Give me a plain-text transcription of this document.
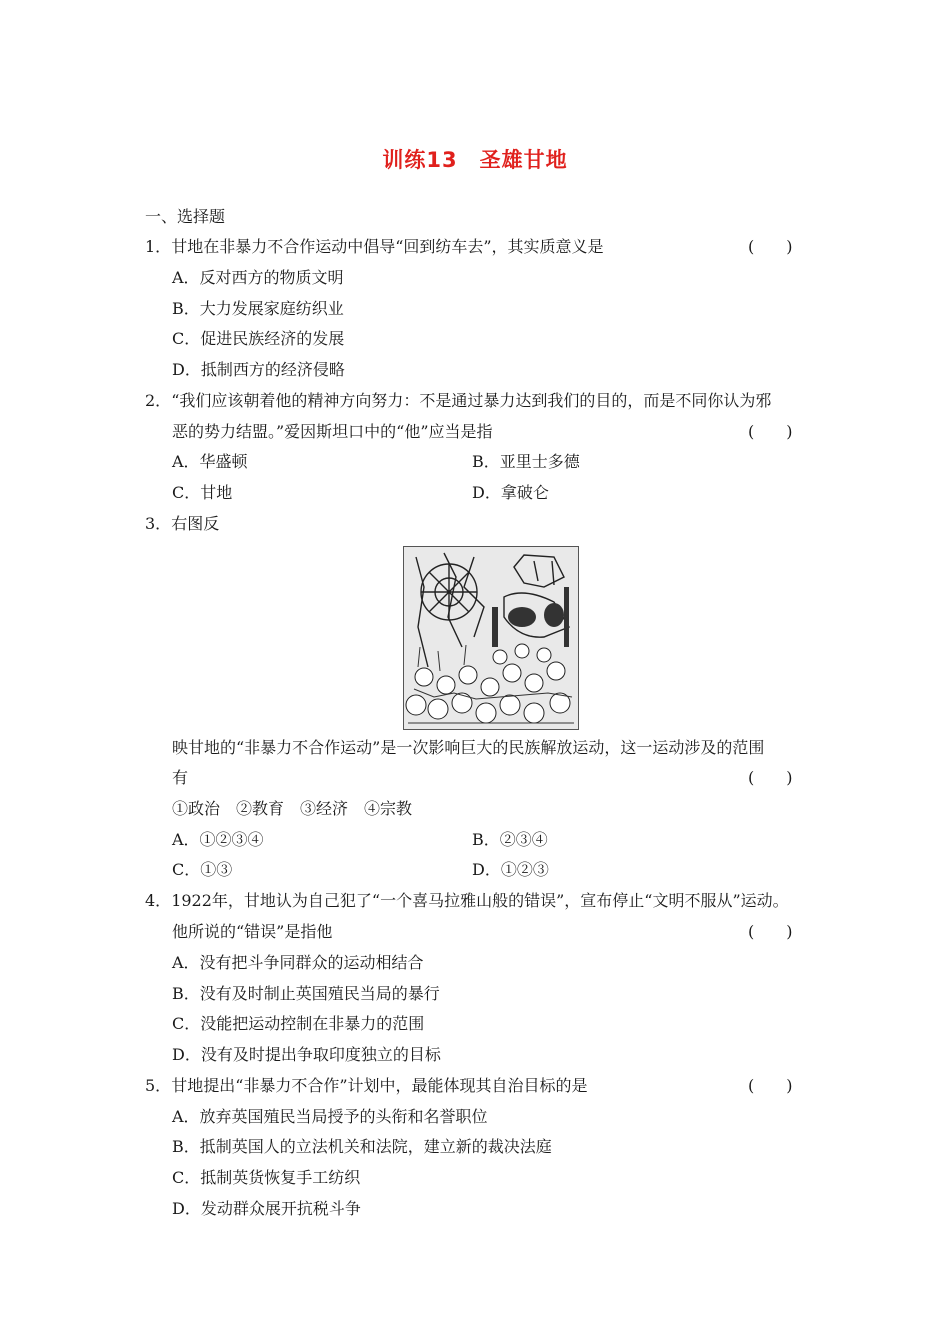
训练13 圣雄甘地
一、选择题
1．甘地在非暴力不合作运动中倡导“回到纺车去”，其实质意义是	(　　)
A．反对西方的物质文明
B．大力发展家庭纺织业
C．促进民族经济的发展
D．抵制西方的经济侵略
2．“我们应该朝着他的精神方向努力：不是通过暴力达到我们的目的，而是不同你认为邪
恶的势力结盟。”爱因斯坦口中的“他”应当是指	(　　)
A．华盛顿	B．亚里士多德
C．甘地	D．拿破仑
3．右图反
映甘地的“非暴力不合作运动”是一次影响巨大的民族解放运动，这一运动涉及的范围
有	(　　)
①政治　②教育　③经济　④宗教
A．①②③④	B．②③④
C．①③	D．①②③
4．1922年，甘地认为自己犯了“一个喜马拉雅山般的错误”，宣布停止“文明不服从”运动。
他所说的“错误”是指他	(　　)
A．没有把斗争同群众的运动相结合
B．没有及时制止英国殖民当局的暴行
C．没能把运动控制在非暴力的范围
D．没有及时提出争取印度独立的目标
5．甘地提出“非暴力不合作”计划中，最能体现其自治目标的是	(　　)
A．放弃英国殖民当局授予的头衔和名誉职位
B．抵制英国人的立法机关和法院，建立新的裁决法庭
C．抵制英货恢复手工纺织
D．发动群众展开抗税斗争
